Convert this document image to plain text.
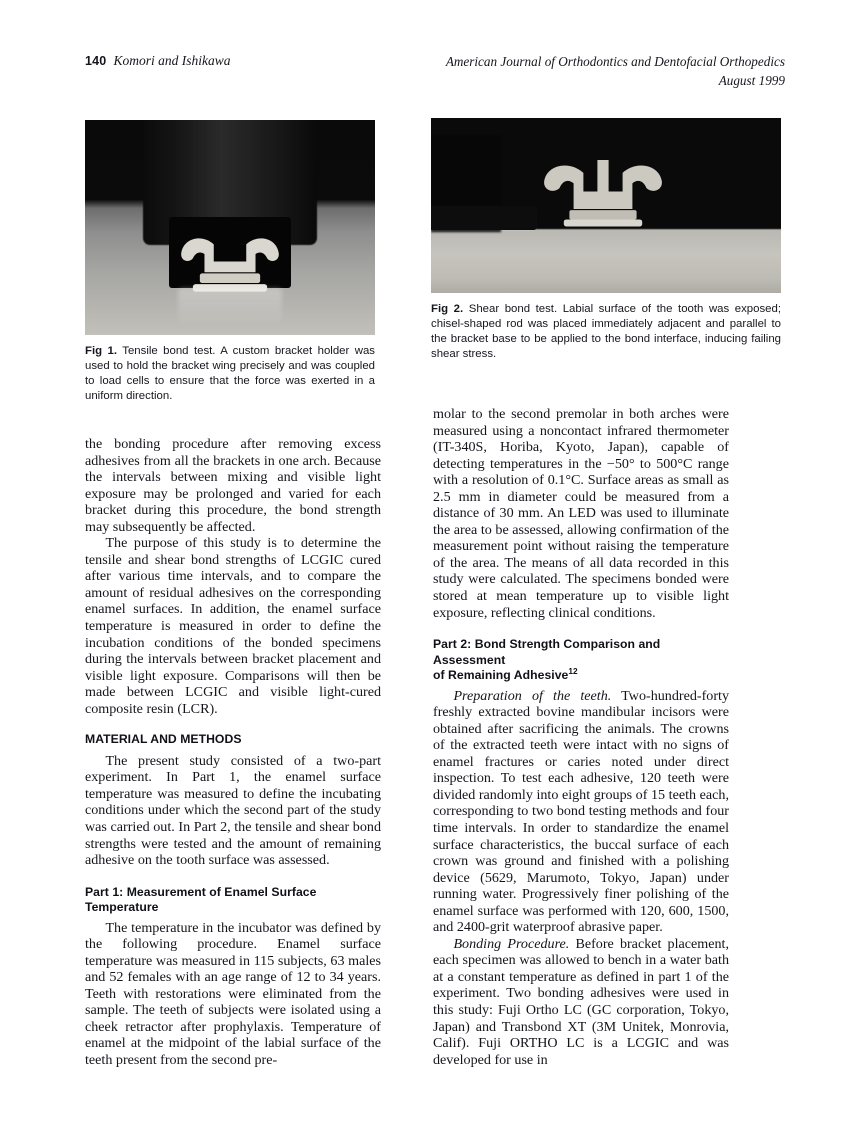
140 Komori and Ishikawa	American Journal of Orthodontics and Dentofacial Orthopedics
August 1999
Fig 1. Tensile bond test. A custom bracket holder was used to hold the bracket wing precisely and was coupled to load cells to ensure that the force was exerted in a uniform direction.
Fig 2. Shear bond test. Labial surface of the tooth was exposed; chisel-shaped rod was placed immediately adjacent and parallel to the bracket base to be applied to the bond interface, inducing failing shear stress.

the bonding procedure after removing excess adhesives from all the brackets in one arch. Because the intervals between mixing and visible light exposure may be prolonged and varied for each bracket during this procedure, the bond strength may subsequently be affected.

The purpose of this study is to determine the tensile and shear bond strengths of LCGIC cured after various time intervals, and to compare the amount of residual adhesives on the corresponding enamel surfaces. In addition, the enamel surface temperature is measured in order to define the incubation conditions of the bonded specimens during the intervals between bracket placement and visible light exposure. Comparisons will then be made between LCGIC and visible light-cured composite resin (LCR).

MATERIAL AND METHODS

The present study consisted of a two-part experiment. In Part 1, the enamel surface temperature was measured to define the incubating conditions under which the second part of the study was carried out. In Part 2, the tensile and shear bond strengths were tested and the amount of remaining adhesive on the tooth surface was assessed.

Part 1: Measurement of Enamel Surface Temperature

The temperature in the incubator was defined by the following procedure. Enamel surface temperature was measured in 115 subjects, 63 males and 52 females with an age range of 12 to 34 years. Teeth with restorations were eliminated from the sample. The teeth of subjects were isolated using a cheek retractor after prophylaxis. Temperature of enamel at the midpoint of the labial surface of the teeth present from the second pre-

molar to the second premolar in both arches were measured using a noncontact infrared thermometer (IT-340S, Horiba, Kyoto, Japan), capable of detecting temperatures in the −50° to 500°C range with a resolution of 0.1°C. Surface areas as small as 2.5 mm in diameter could be measured from a distance of 30 mm. An LED was used to illuminate the area to be assessed, allowing confirmation of the measurement point without raising the temperature of the area. The means of all data recorded in this study were calculated. The specimens bonded were stored at mean temperature up to visible light exposure, reflecting clinical conditions.

Part 2: Bond Strength Comparison and Assessment
of Remaining Adhesive$^{12}$

Preparation of the teeth. Two-hundred-forty freshly extracted bovine mandibular incisors were obtained after sacrificing the animals. The crowns of the extracted teeth were intact with no signs of enamel fractures or caries noted under direct inspection. To test each adhesive, 120 teeth were divided randomly into eight groups of 15 teeth each, corresponding to two bond testing methods and four time intervals. In order to standardize the enamel surface characteristics, the buccal surface of each crown was ground and finished with a polishing device (5629, Marumoto, Tokyo, Japan) under running water. Progressively finer polishing of the enamel surface was performed with 120, 600, 1500, and 2400-grit waterproof abrasive paper.

Bonding Procedure. Before bracket placement, each specimen was allowed to bench in a water bath at a constant temperature as defined in part 1 of the experiment. Two bonding adhesives were used in this study: Fuji Ortho LC (GC corporation, Tokyo, Japan) and Transbond XT (3M Unitek, Monrovia, Calif). Fuji ORTHO LC is a LCGIC and was developed for use in
